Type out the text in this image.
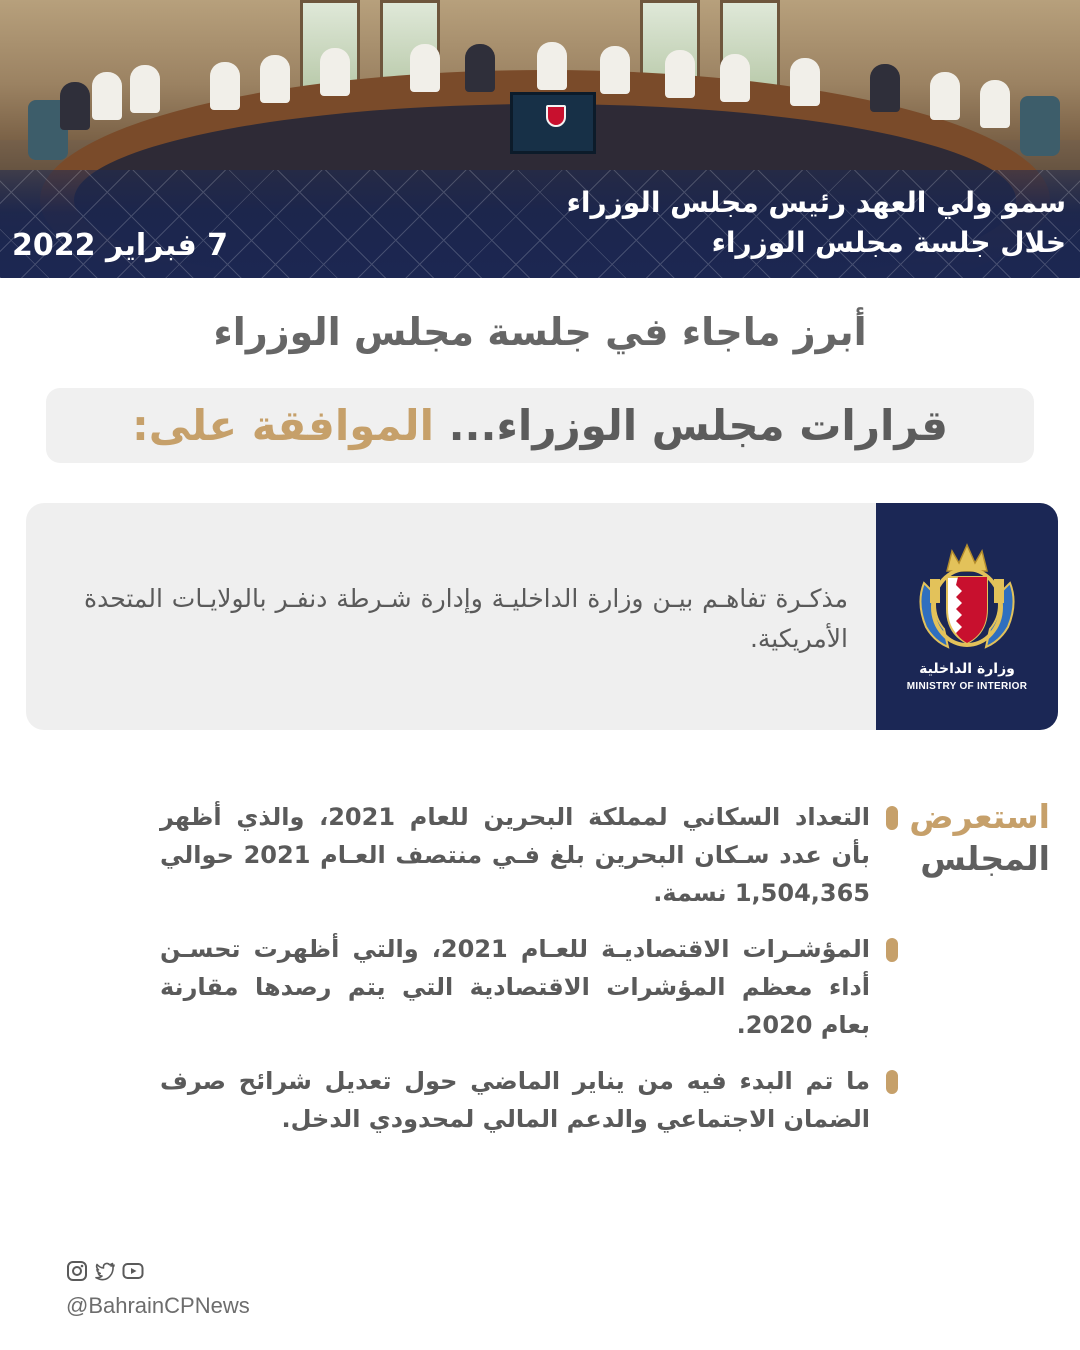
سمو ولي العهد رئيس مجلس الوزراء
خلال جلسة مجلس الوزراء
7 فبراير 2022
أبرز ماجاء في جلسة مجلس الوزراء
قرارات مجلس الوزراء... الموافقة على:
مذكـرة تفاهـم بيـن وزارة الداخليـة وإدارة شـرطة دنفـر بالولايـات المتحدة الأمريكية.
وزارة الداخلية
MINISTRY OF INTERIOR
استعرض
المجلس
التعداد السكاني لمملكة البحرين للعام 2021، والذي أظهر بأن عدد سـكان البحرين بلغ فـي منتصف العـام 2021 حوالي 1,504,365 نسمة.
المؤشـرات الاقتصاديـة للعـام 2021، والتي أظهرت تحسـن أداء معظم المؤشرات الاقتصادية التي يتم رصدها مقارنة بعام 2020.
ما تم البدء فيه من يناير الماضي حول تعديل شرائح صرف الضمان الاجتماعي والدعم المالي لمحدودي الدخل.
@BahrainCPNews
